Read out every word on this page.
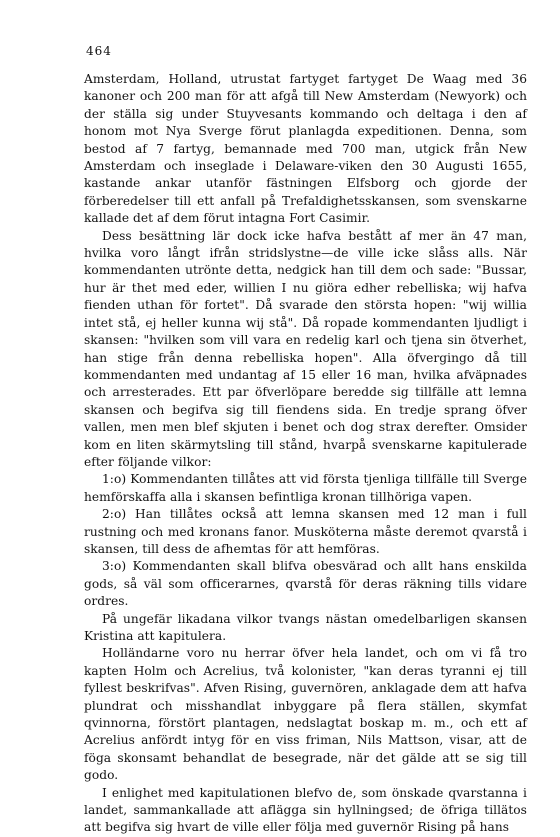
464

Amsterdam, Holland, utrustat fartyget fartyget De Waag med 36 kanoner och 200 man för att afgå till New Amsterdam (Newyork) och der ställa sig under Stuyvesants kommando och deltaga i den af honom mot Nya Sverge förut planlagda expeditionen. Denna, som bestod af 7 fartyg, bemannade med 700 man, utgick från New Amsterdam och inseglade i Delaware-viken den 30 Augusti 1655, kastande ankar utanför fästningen Elfsborg och gjorde der förberedelser till ett anfall på Trefaldighetsskansen, som svenskarne kallade det af dem förut intagna Fort Casimir.

Dess besättning lär dock icke hafva bestått af mer än 47 man, hvilka voro långt ifrån stridslystne—de ville icke slåss alls. När kommendanten utrönte detta, nedgick han till dem och sade: "Bussar, hur är thet med eder, willien I nu giöra edher rebelliska; wij hafva fienden uthan för fortet". Då svarade den största hopen: "wij willia intet stå, ej heller kunna wij stå". Då ropade kommendanten ljudligt i skansen: "hvilken som vill vara en redelig karl och tjena sin ötverhet, han stige från denna rebelliska hopen". Alla öfvergingo då till kommendanten med undantag af 15 eller 16 man, hvilka afväpnades och arresterades. Ett par öfverlöpare beredde sig tillfälle att lemna skansen och begifva sig till fiendens sida. En tredje sprang öfver vallen, men men blef skjuten i benet och dog strax derefter. Omsider kom en liten skärmytsling till stånd, hvarpå svenskarne kapitulerade efter följande vilkor:

1:o) Kommendanten tillåtes att vid första tjenliga tillfälle till Sverge hemförskaffa alla i skansen befintliga kronan tillhöriga vapen.

2:o) Han tillåtes också att lemna skansen med 12 man i full rustning och med kronans fanor. Musköterna måste deremot qvarstå i skansen, till dess de afhemtas för att hemföras.

3:o) Kommendanten skall blifva obesvärad och allt hans enskilda gods, så väl som officerarnes, qvarstå för deras räkning tills vidare ordres.

På ungefär likadana vilkor tvangs nästan omedelbarligen skansen Kristina att kapitulera.

Holländarne voro nu herrar öfver hela landet, och om vi få tro kapten Holm och Acrelius, två kolonister, "kan deras tyranni ej till fyllest beskrifvas". Afven Rising, guvernören, anklagade dem att hafva plundrat och misshandlat inbyggare på flera ställen, skymfat qvinnorna, förstört plantagen, nedslagtat boskap m. m., och ett af Acrelius anfördt intyg för en viss friman, Nils Mattson, visar, att de föga skonsamt behandlat de besegrade, när det gälde att se sig till godo.

I enlighet med kapitulationen blefvo de, som önskade qvarstanna i landet, sammankallade att aflägga sin hyllningsed; de öfriga tillätos att begifva sig hvart de ville eller följa med guvernör Rising på hans
